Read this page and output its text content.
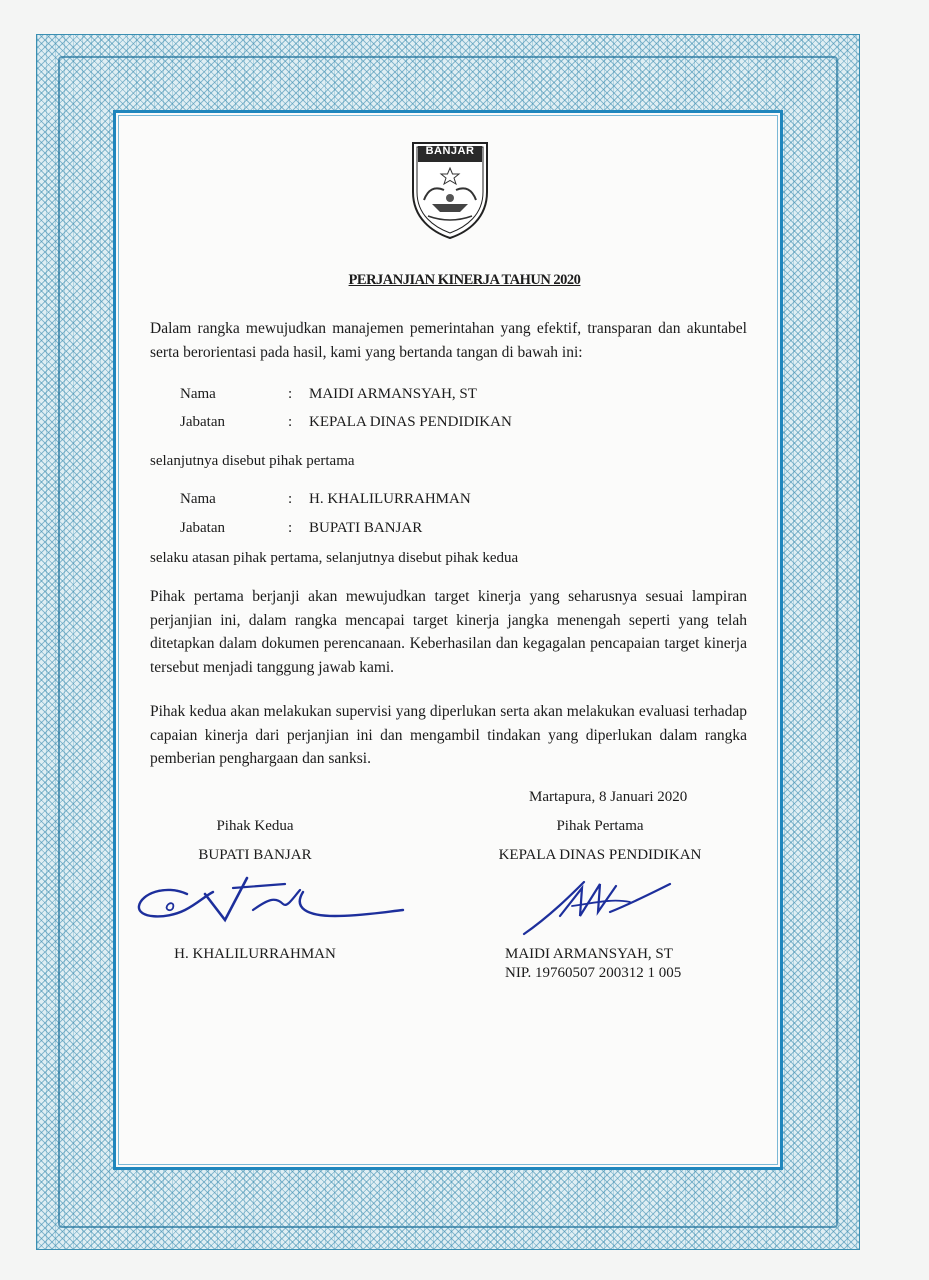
BANJAR
PERJANJIAN KINERJA TAHUN 2020
Dalam rangka mewujudkan manajemen pemerintahan yang efektif, transparan dan akuntabel serta berorientasi pada hasil, kami yang bertanda tangan di bawah ini:
Nama	: MAIDI ARMANSYAH, ST
Jabatan	: KEPALA DINAS PENDIDIKAN
selanjutnya disebut pihak pertama
Nama	: H. KHALILURRAHMAN
Jabatan	: BUPATI BANJAR
selaku atasan pihak pertama, selanjutnya disebut pihak kedua
Pihak pertama berjanji akan mewujudkan target kinerja yang seharusnya sesuai lampiran perjanjian ini, dalam rangka mencapai target kinerja jangka menengah seperti yang telah ditetapkan dalam dokumen perencanaan. Keberhasilan dan kegagalan pencapaian target kinerja tersebut menjadi tanggung jawab kami.
Pihak kedua akan melakukan supervisi yang diperlukan serta akan melakukan evaluasi terhadap capaian kinerja dari perjanjian ini dan mengambil tindakan yang diperlukan dalam rangka pemberian penghargaan dan sanksi.
Martapura, 8 Januari 2020
Pihak Kedua
BUPATI BANJAR
Pihak Pertama
KEPALA DINAS PENDIDIKAN
H. KHALILURRAHMAN	MAIDI ARMANSYAH, ST
NIP. 19760507 200312 1 005
